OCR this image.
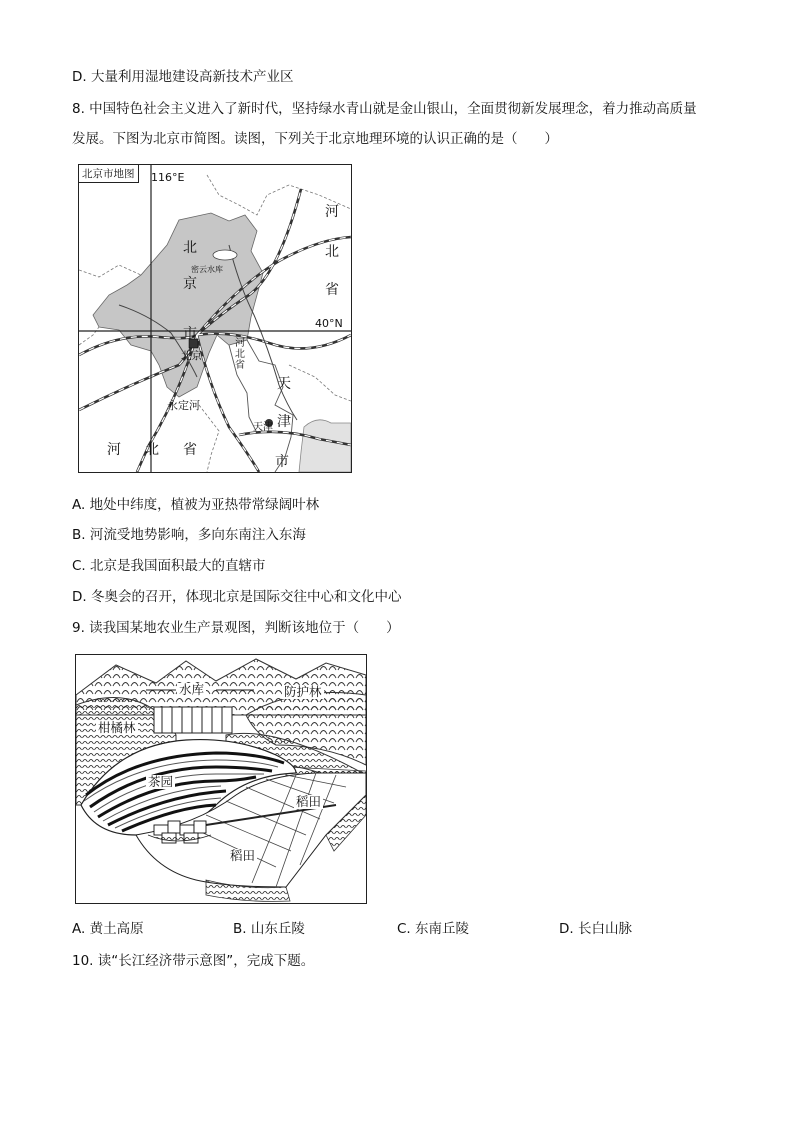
D. 大量利用湿地建设高新技术产业区
8. 中国特色社会主义进入了新时代，坚持绿水青山就是金山银山，全面贯彻新发展理念，着力推动高质量
发展。下图为北京市简图。读图，下列关于北京地理环境的认识正确的是（　　）
北京市地图	116°E
40°N
北
京
市
密云水库
北京
河
北
省
永定河
天
津
市
天津
河
北
省
河 北 省
A. 地处中纬度，植被为亚热带常绿阔叶林
B. 河流受地势影响，多向东南注入东海
C. 北京是我国面积最大的直辖市
D. 冬奥会的召开，体现北京是国际交往中心和文化中心
9. 读我国某地农业生产景观图，判断该地位于（　　）
水库	防护林
柑橘林
茶园
稻田
稻田
A. 黄土高原	B. 山东丘陵	C. 东南丘陵	D. 长白山脉
10. 读“长江经济带示意图”，完成下题。
